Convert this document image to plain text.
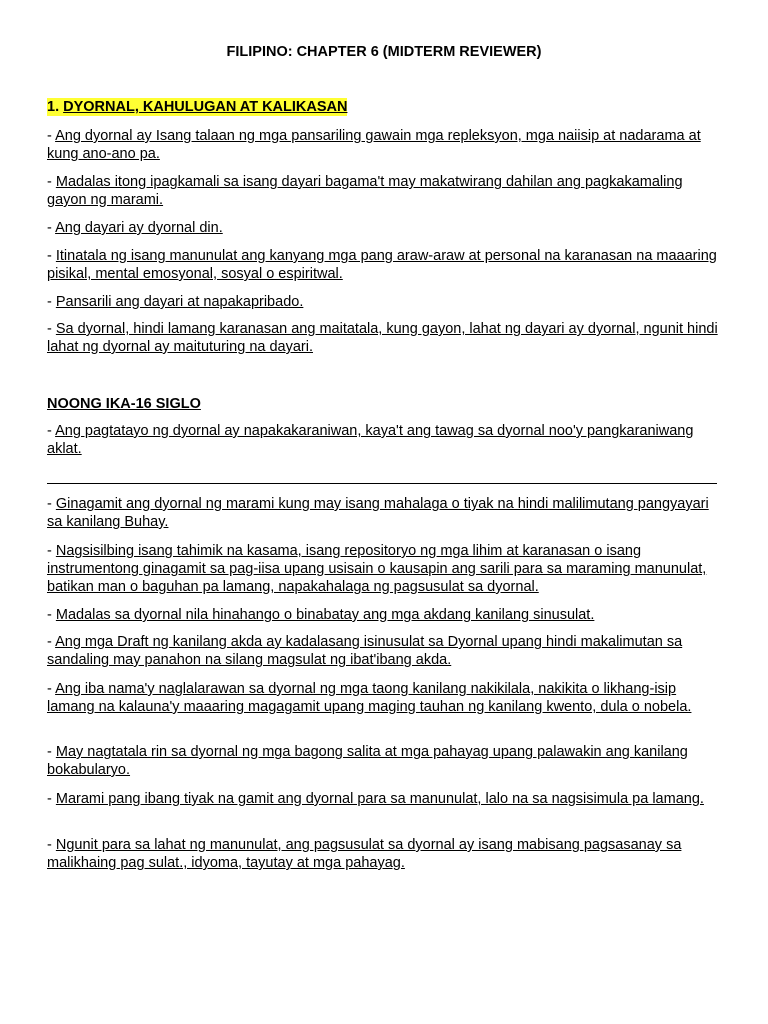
FILIPINO: CHAPTER 6 (MIDTERM REVIEWER)
1. DYORNAL, KAHULUGAN AT KALIKASAN
- Ang dyornal ay Isang talaan ng mga pansariling gawain mga repleksyon, mga naiisip at nadarama at kung ano-ano pa.
- Madalas itong ipagkamali sa isang dayari bagama't may makatwirang dahilan ang pagkakamaling gayon ng marami.
- Ang dayari ay dyornal din.
- Itinatala ng isang manunulat ang kanyang mga pang araw-araw at personal na karanasan na maaaring pisikal, mental emosyonal, sosyal o espiritwal.
- Pansarili ang dayari at napakapribado.
- Sa dyornal, hindi lamang karanasan ang maitatala, kung gayon, lahat ng dayari ay dyornal, ngunit hindi lahat ng dyornal ay maituturing na dayari.
NOONG IKA-16 SIGLO
- Ang pagtatayo ng dyornal ay napakakaraniwan, kaya't ang tawag sa dyornal noo'y pangkaraniwang aklat.
- Ginagamit ang dyornal ng marami kung may isang mahalaga o tiyak na hindi malilimutang pangyayari sa kanilang Buhay.
- Nagsisilbing isang tahimik na kasama, isang repositoryo ng mga lihim at karanasan o isang instrumentong ginagamit sa pag-iisa upang usisain o kausapin ang sarili para sa maraming manunulat, batikan man o baguhan pa lamang, napakahalaga ng pagsusulat sa dyornal.
- Madalas sa dyornal nila hinahango o binabatay ang mga akdang kanilang sinusulat.
- Ang mga Draft ng kanilang akda ay kadalasang isinusulat sa Dyornal upang hindi makalimutan sa sandaling may panahon na silang magsulat ng ibat'ibang akda.
- Ang iba nama'y naglalarawan sa dyornal ng mga taong kanilang nakikilala, nakikita o likhang-isip lamang na kalauna'y maaaring magagamit upang maging tauhan ng kanilang kwento, dula o nobela.
- May nagtatala rin sa dyornal ng mga bagong salita at mga pahayag upang palawakin ang kanilang bokabularyo.
- Marami pang ibang tiyak na gamit ang dyornal para sa manunulat, lalo na sa nagsisimula pa lamang.
- Ngunit para sa lahat ng manunulat, ang pagsusulat sa dyornal ay isang mabisang pagsasanay sa malikhaing pag sulat., idyoma, tayutay at mga pahayag.
